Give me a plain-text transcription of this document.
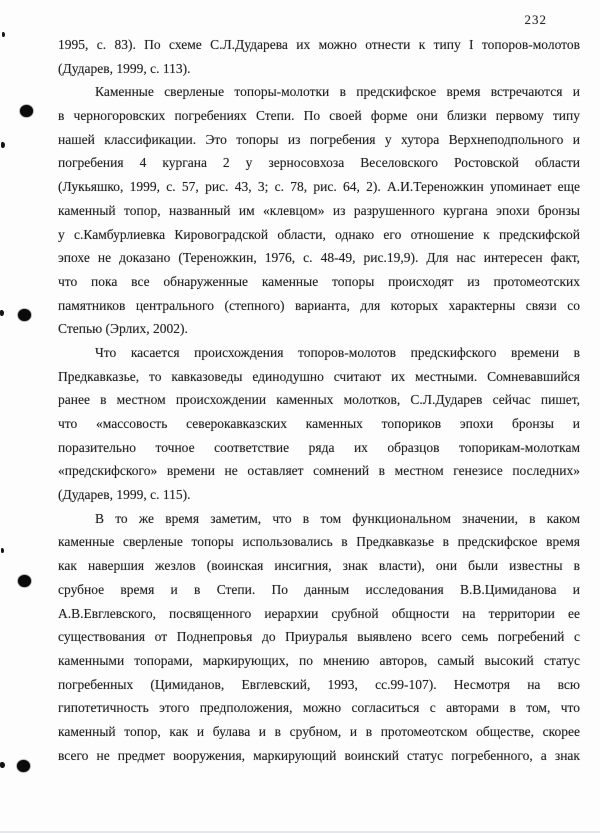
232
1995, с. 83). По схеме С.Л.Дударева их можно отнести к типу I топоров-молотов
(Дударев, 1999, с. 113).
Каменные сверленые топоры-молотки в предскифское время встречаются и
в черногоровских погребениях Степи. По своей форме они близки первому типу
нашей классификации. Это топоры из погребения у хутора Верхнеподпольного и
погребения 4 кургана 2 у зерносовхоза Веселовского Ростовской области
(Лукьяшко, 1999, с. 57, рис. 43, 3; с. 78, рис. 64, 2). А.И.Тереножкин упоминает еще
каменный топор, названный им «клевцом» из разрушенного кургана эпохи бронзы
у с.Камбурлиевка Кировоградской области, однако его отношение к предскифской
эпохе не доказано (Тереножкин, 1976, с. 48-49, рис.19,9). Для нас интересен факт,
что пока все обнаруженные каменные топоры происходят из протомеотских
памятников центрального (степного) варианта, для которых характерны связи со
Степью (Эрлих, 2002).
Что касается происхождения топоров-молотов предскифского времени в
Предкавказье, то кавказоведы единодушно считают их местными. Сомневавшийся
ранее в местном происхождении каменных молотков, С.Л.Дударев сейчас пишет,
что «массовость северокавказских каменных топориков эпохи бронзы и
поразительно точное соответствие ряда их образцов топорикам-молоткам
«предскифского» времени не оставляет сомнений в местном генезисе последних»
(Дударев, 1999, с. 115).
В то же время заметим, что в том функциональном значении, в каком
каменные сверленые топоры использовались в Предкавказье в предскифское время
как навершия жезлов (воинская инсигния, знак власти), они были известны в
срубное время и в Степи. По данным исследования В.В.Цимиданова и
А.В.Евглевского, посвященного иерархии срубной общности на территории ее
существования от Поднепровья до Приуралья выявлено всего семь погребений с
каменными топорами, маркирующих, по мнению авторов, самый высокий статус
погребенных (Цимиданов, Евглевский, 1993, сс.99-107). Несмотря на всю
гипотетичность этого предположения, можно согласиться с авторами в том, что
каменный топор, как и булава и в срубном, и в протомеотском обществе, скорее
всего не предмет вооружения, маркирующий воинский статус погребенного, а знак
